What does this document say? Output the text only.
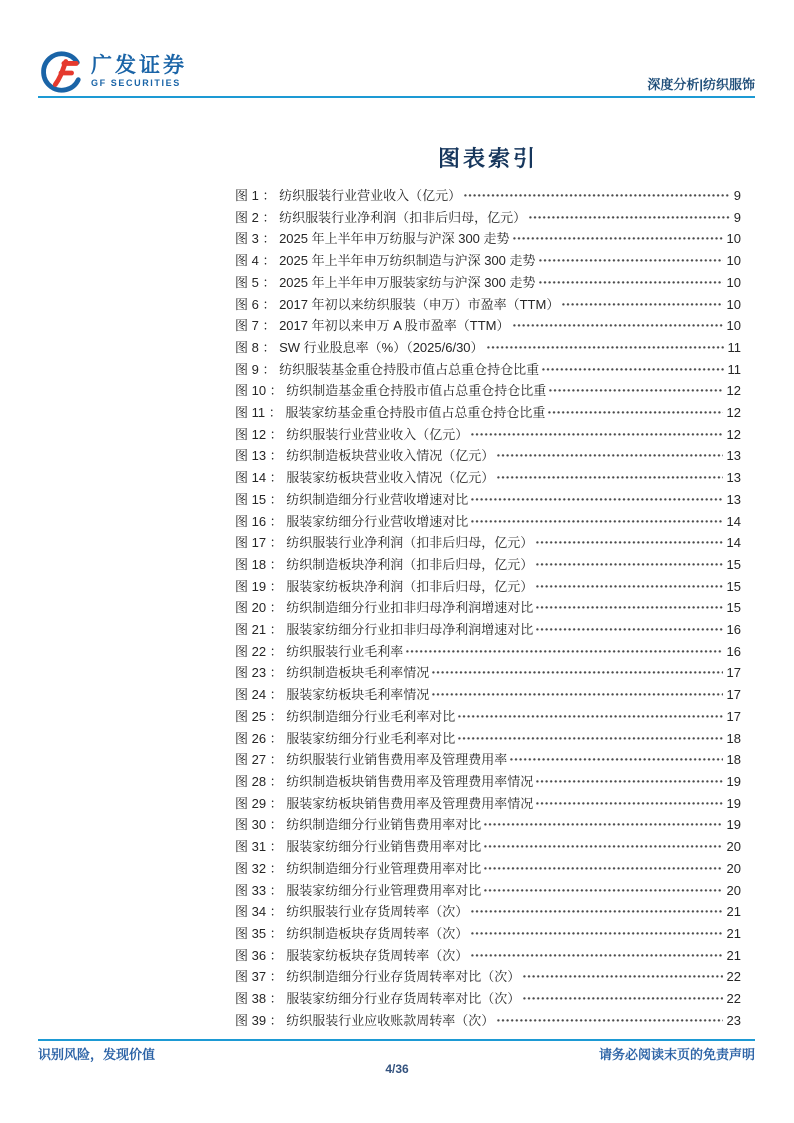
广发证券
GF SECURITIES	深度分析|纺织服饰
图表索引
图 1 ： 纺织服装行业营业收入（亿元）	9
图 2 ： 纺织服装行业净利润（扣非后归母，亿元）	9
图 3 ： 2025 年上半年申万纺服与沪深 300 走势	10
图 4 ： 2025 年上半年申万纺织制造与沪深 300 走势	10
图 5 ： 2025 年上半年申万服装家纺与沪深 300 走势	10
图 6 ： 2017 年初以来纺织服装（申万）市盈率（TTM）	10
图 7 ： 2017 年初以来申万 A 股市盈率（TTM）	10
图 8 ： SW 行业股息率（%）（2025/6/30）	11
图 9 ： 纺织服装基金重仓持股市值占总重仓持仓比重	11
图 10 ： 纺织制造基金重仓持股市值占总重仓持仓比重	12
图 11 ： 服装家纺基金重仓持股市值占总重仓持仓比重	12
图 12 ： 纺织服装行业营业收入（亿元）	12
图 13 ： 纺织制造板块营业收入情况（亿元）	13
图 14 ： 服装家纺板块营业收入情况（亿元）	13
图 15 ： 纺织制造细分行业营收增速对比	13
图 16 ： 服装家纺细分行业营收增速对比	14
图 17 ： 纺织服装行业净利润（扣非后归母，亿元）	14
图 18 ： 纺织制造板块净利润（扣非后归母，亿元）	15
图 19 ： 服装家纺板块净利润（扣非后归母，亿元）	15
图 20 ： 纺织制造细分行业扣非归母净利润增速对比	15
图 21 ： 服装家纺细分行业扣非归母净利润增速对比	16
图 22 ： 纺织服装行业毛利率	16
图 23 ： 纺织制造板块毛利率情况	17
图 24 ： 服装家纺板块毛利率情况	17
图 25 ： 纺织制造细分行业毛利率对比	17
图 26 ： 服装家纺细分行业毛利率对比	18
图 27 ： 纺织服装行业销售费用率及管理费用率	18
图 28 ： 纺织制造板块销售费用率及管理费用率情况	19
图 29 ： 服装家纺板块销售费用率及管理费用率情况	19
图 30 ： 纺织制造细分行业销售费用率对比	19
图 31 ： 服装家纺细分行业销售费用率对比	20
图 32 ： 纺织制造细分行业管理费用率对比	20
图 33 ： 服装家纺细分行业管理费用率对比	20
图 34 ： 纺织服装行业存货周转率（次）	21
图 35 ： 纺织制造板块存货周转率（次）	21
图 36 ： 服装家纺板块存货周转率（次）	21
图 37 ： 纺织制造细分行业存货周转率对比（次）	22
图 38 ： 服装家纺细分行业存货周转率对比（次）	22
图 39 ： 纺织服装行业应收账款周转率（次）	23
识别风险，发现价值	请务必阅读末页的免责声明
4/36
